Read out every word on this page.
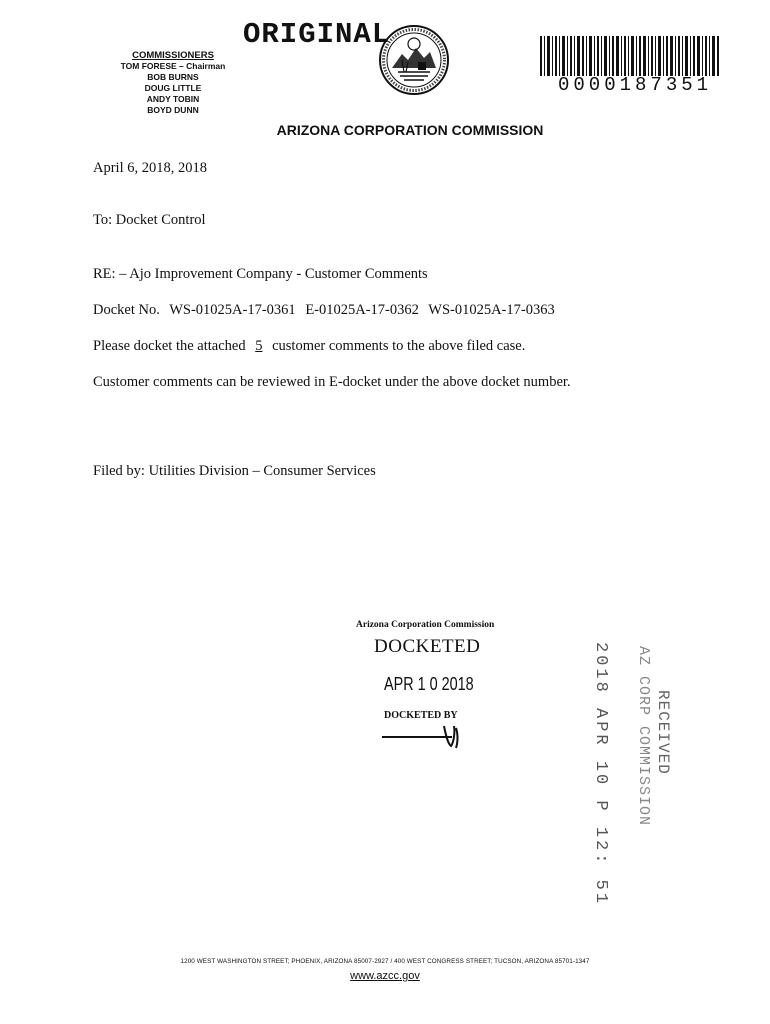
COMMISSIONERS
TOM FORESE – Chairman
BOB BURNS
DOUG LITTLE
ANDY TOBIN
BOYD DUNN
ORIGINAL
0000187351
ARIZONA CORPORATION COMMISSION
April 6, 2018, 2018
To: Docket Control
RE: – Ajo Improvement Company - Customer Comments
Docket No. WS-01025A-17-0361 E-01025A-17-0362 WS-01025A-17-0363
Please docket the attached 5 customer comments to the above filed case.
Customer comments can be reviewed in E-docket under the above docket number.
Filed by: Utilities Division – Consumer Services
Arizona Corporation Commission
DOCKETED
APR 1 0 2018
DOCKETED BY	2018 APR 10 P 12: 51 AZ CORP COMMISSION RECEIVED
1200 WEST WASHINGTON STREET; PHOENIX, ARIZONA 85007-2927 / 400 WEST CONGRESS STREET; TUCSON, ARIZONA 85701-1347
www.azcc.gov
